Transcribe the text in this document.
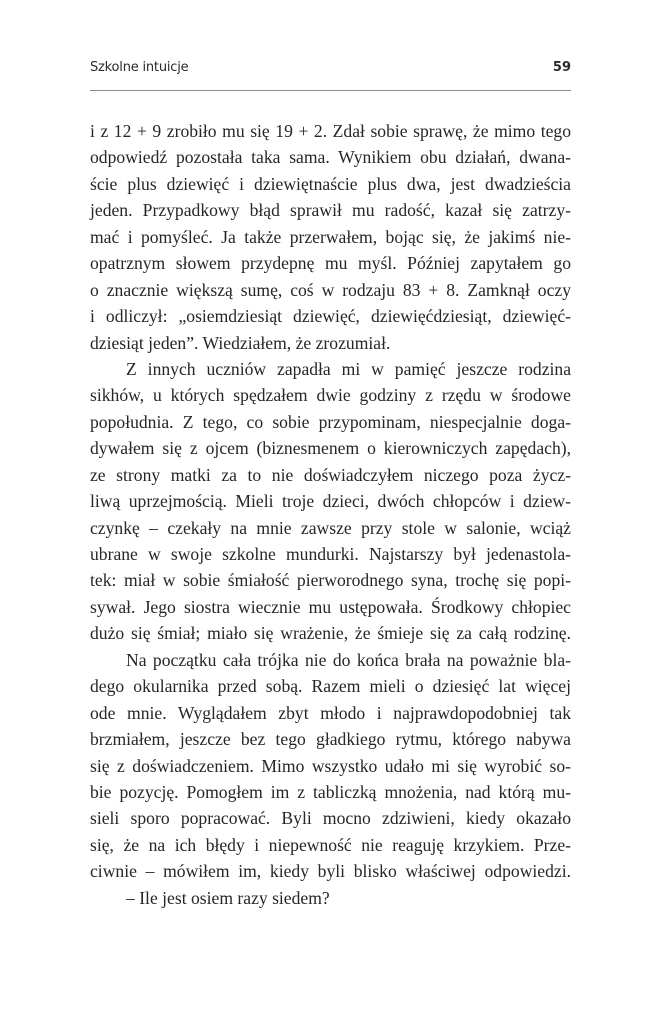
Szkolne intuicje	59
i z 12 + 9 zrobiło mu się 19 + 2. Zdał sobie sprawę, że mimo tego
odpowiedź pozostała taka sama. Wynikiem obu działań, dwana-
ście plus dziewięć i dziewiętnaście plus dwa, jest dwadzieścia
jeden. Przypadkowy błąd sprawił mu radość, kazał się zatrzy-
mać i pomyśleć. Ja także przerwałem, bojąc się, że jakimś nie-
opatrznym słowem przydepnę mu myśl. Później zapytałem go
o znacznie większą sumę, coś w rodzaju 83 + 8. Zamknął oczy
i odliczył: „osiemdziesiąt dziewięć, dziewięćdziesiąt, dziewięć-
dziesiąt jeden”. Wiedziałem, że zrozumiał.
Z innych uczniów zapadła mi w pamięć jeszcze rodzina
sikhów, u których spędzałem dwie godziny z rzędu w środowe
popołudnia. Z tego, co sobie przypominam, niespecjalnie doga-
dywałem się z ojcem (biznesmenem o kierowniczych zapędach),
ze strony matki za to nie doświadczyłem niczego poza życz-
liwą uprzejmością. Mieli troje dzieci, dwóch chłopców i dziew-
czynkę – czekały na mnie zawsze przy stole w salonie, wciąż
ubrane w swoje szkolne mundurki. Najstarszy był jedenastola-
tek: miał w sobie śmiałość pierworodnego syna, trochę się popi-
sywał. Jego siostra wiecznie mu ustępowała. Środkowy chłopiec
dużo się śmiał; miało się wrażenie, że śmieje się za całą rodzinę.
Na początku cała trójka nie do końca brała na poważnie bla-
dego okularnika przed sobą. Razem mieli o dziesięć lat więcej
ode mnie. Wyglądałem zbyt młodo i najprawdopodobniej tak
brzmiałem, jeszcze bez tego gładkiego rytmu, którego nabywa
się z doświadczeniem. Mimo wszystko udało mi się wyrobić so-
bie pozycję. Pomogłem im z tabliczką mnożenia, nad którą mu-
sieli sporo popracować. Byli mocno zdziwieni, kiedy okazało
się, że na ich błędy i niepewność nie reaguję krzykiem. Prze-
ciwnie – mówiłem im, kiedy byli blisko właściwej odpowiedzi.
– Ile jest osiem razy siedem?
